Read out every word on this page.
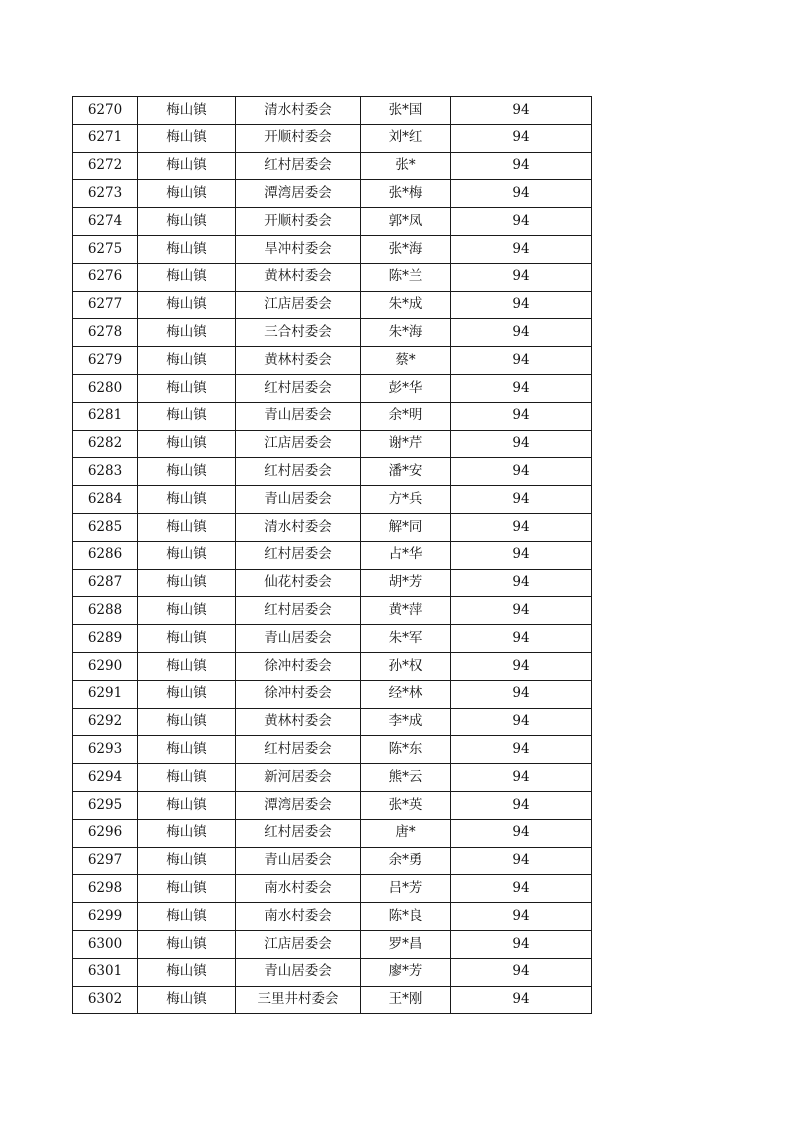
6270	梅山镇	清水村委会	张*国	94
6271	梅山镇	开顺村委会	刘*红	94
6272	梅山镇	红村居委会	张*	94
6273	梅山镇	潭湾居委会	张*梅	94
6274	梅山镇	开顺村委会	郭*凤	94
6275	梅山镇	旱冲村委会	张*海	94
6276	梅山镇	黄林村委会	陈*兰	94
6277	梅山镇	江店居委会	朱*成	94
6278	梅山镇	三合村委会	朱*海	94
6279	梅山镇	黄林村委会	蔡*	94
6280	梅山镇	红村居委会	彭*华	94
6281	梅山镇	青山居委会	余*明	94
6282	梅山镇	江店居委会	谢*芹	94
6283	梅山镇	红村居委会	潘*安	94
6284	梅山镇	青山居委会	方*兵	94
6285	梅山镇	清水村委会	解*同	94
6286	梅山镇	红村居委会	占*华	94
6287	梅山镇	仙花村委会	胡*芳	94
6288	梅山镇	红村居委会	黄*萍	94
6289	梅山镇	青山居委会	朱*军	94
6290	梅山镇	徐冲村委会	孙*权	94
6291	梅山镇	徐冲村委会	经*林	94
6292	梅山镇	黄林村委会	李*成	94
6293	梅山镇	红村居委会	陈*东	94
6294	梅山镇	新河居委会	熊*云	94
6295	梅山镇	潭湾居委会	张*英	94
6296	梅山镇	红村居委会	唐*	94
6297	梅山镇	青山居委会	余*勇	94
6298	梅山镇	南水村委会	吕*芳	94
6299	梅山镇	南水村委会	陈*良	94
6300	梅山镇	江店居委会	罗*昌	94
6301	梅山镇	青山居委会	廖*芳	94
6302	梅山镇	三里井村委会	王*刚	94
